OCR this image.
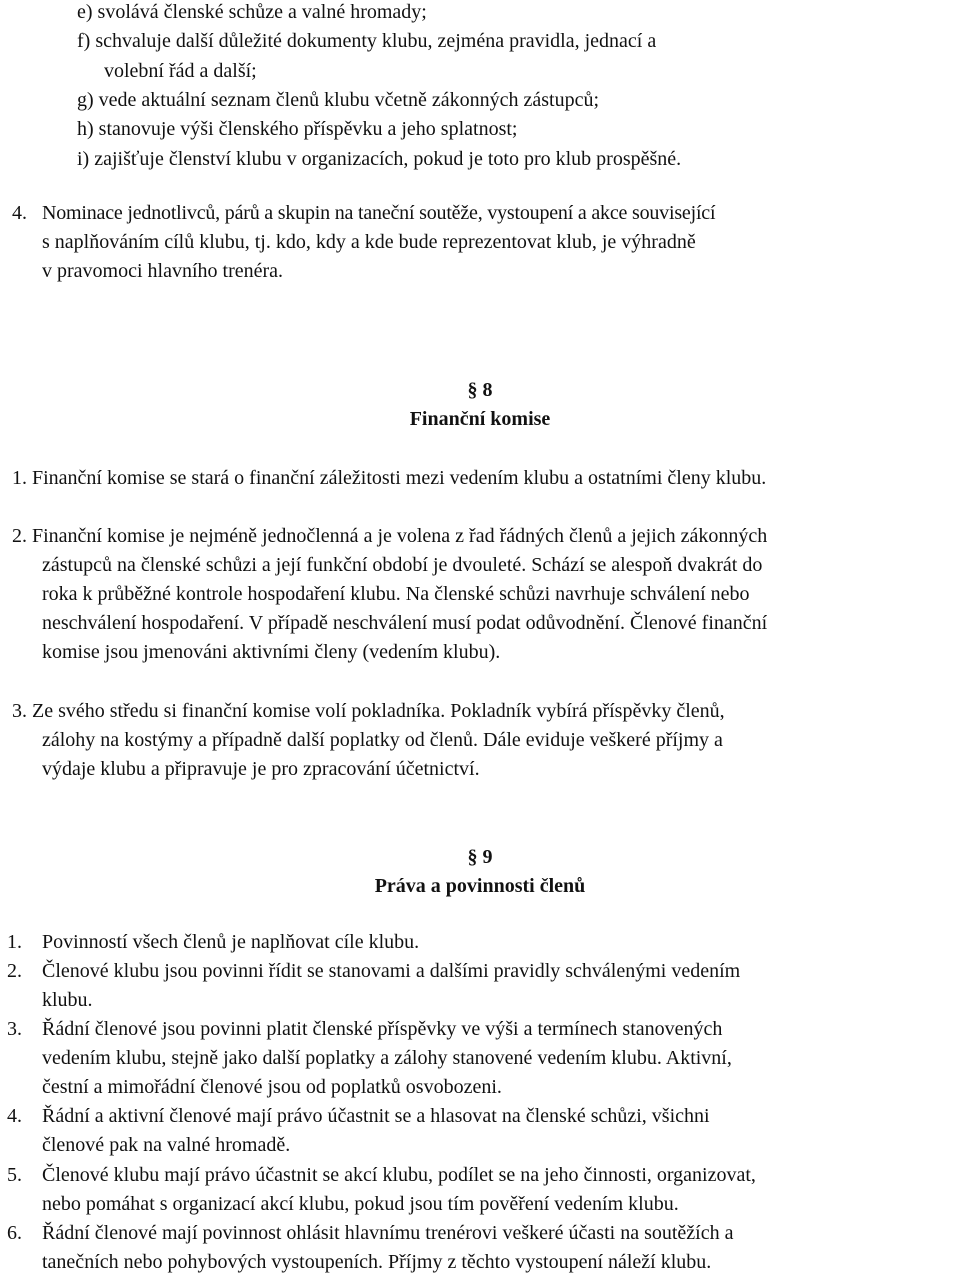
e) svolává členské schůze a valné hromady;
f) schvaluje další důležité dokumenty klubu, zejména pravidla, jednací a
volební řád a další;
g) vede aktuální seznam členů klubu včetně zákonných zástupců;
h) stanovuje výši členského příspěvku a jeho splatnost;
i) zajišťuje členství klubu v organizacích, pokud je toto pro klub prospěšné.
4. Nominace jednotlivců, párů a skupin na taneční soutěže, vystoupení a akce související
s naplňováním cílů klubu, tj. kdo, kdy a kde bude reprezentovat klub, je výhradně
v pravomoci hlavního trenéra.
§ 8
Finanční komise
1. Finanční komise se stará o finanční záležitosti mezi vedením klubu a ostatními členy klubu.
2. Finanční komise je nejméně jednočlenná a je volena z řad řádných členů a jejich zákonných
zástupců na členské schůzi a její funkční období je dvouleté. Schází se alespoň dvakrát do
roka k průběžné kontrole hospodaření klubu. Na členské schůzi navrhuje schválení nebo
neschválení hospodaření. V případě neschválení musí podat odůvodnění. Členové finanční
komise jsou jmenováni aktivními členy (vedením klubu).
3. Ze svého středu si finanční komise volí pokladníka. Pokladník vybírá příspěvky členů,
zálohy na kostýmy a případně další poplatky od členů. Dále eviduje veškeré příjmy a
výdaje klubu a připravuje je pro zpracování účetnictví.
§ 9
Práva a povinnosti členů
1. Povinností všech členů je naplňovat cíle klubu.
2. Členové klubu jsou povinni řídit se stanovami a dalšími pravidly schválenými vedením
klubu.
3. Řádní členové jsou povinni platit členské příspěvky ve výši a termínech stanovených
vedením klubu, stejně jako další poplatky a zálohy stanovené vedením klubu. Aktivní,
čestní a mimořádní členové jsou od poplatků osvobozeni.
4. Řádní a aktivní členové mají právo účastnit se a hlasovat na členské schůzi, všichni
členové pak na valné hromadě.
5. Členové klubu mají právo účastnit se akcí klubu, podílet se na jeho činnosti, organizovat,
nebo pomáhat s organizací akcí klubu, pokud jsou tím pověření vedením klubu.
6. Řádní členové mají povinnost ohlásit hlavnímu trenérovi veškeré účasti na soutěžích a
tanečních nebo pohybových vystoupeních. Příjmy z těchto vystoupení náleží klubu.
